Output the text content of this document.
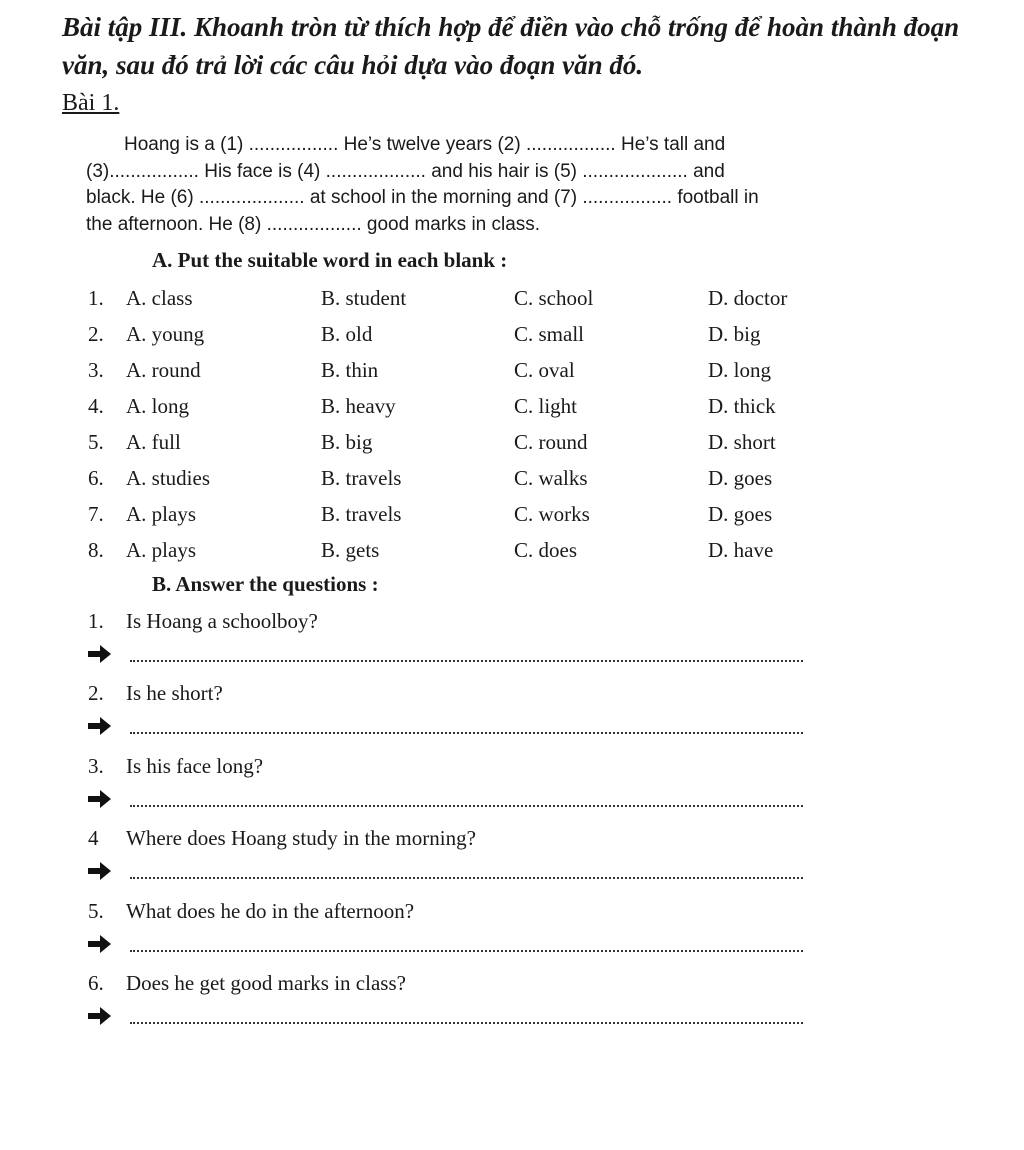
Bài tập III. Khoanh tròn từ thích hợp để điền vào chỗ trống để hoàn thành đoạn văn, sau đó trả lời các câu hỏi dựa vào đoạn văn đó.
Bài 1.
Hoang is a (1) ................. He’s twelve years (2) ................. He’s tall and
(3)................. His face is (4) ................... and his hair is (5) .................... and
black. He (6) .................... at school in the morning and (7) ................. football in
the afternoon. He (8) .................. good marks in class.
A. Put the suitable word in each blank :
1. A. class	B. student	C. school	D. doctor
2. A. young	B. old	C. small	D. big
3. A. round	B. thin	C. oval	D. long
4. A. long	B. heavy	C. light	D. thick
5. A. full	B. big	C. round	D. short
6. A. studies	B. travels	C. walks	D. goes
7. A. plays	B. travels	C. works	D. goes
8. A. plays	B. gets	C. does	D. have
B. Answer the questions :
1. Is Hoang a schoolboy?
2. Is he short?
3. Is his face long?
4 Where does Hoang study in the morning?
5. What does he do in the afternoon?
6. Does he get good marks in class?
